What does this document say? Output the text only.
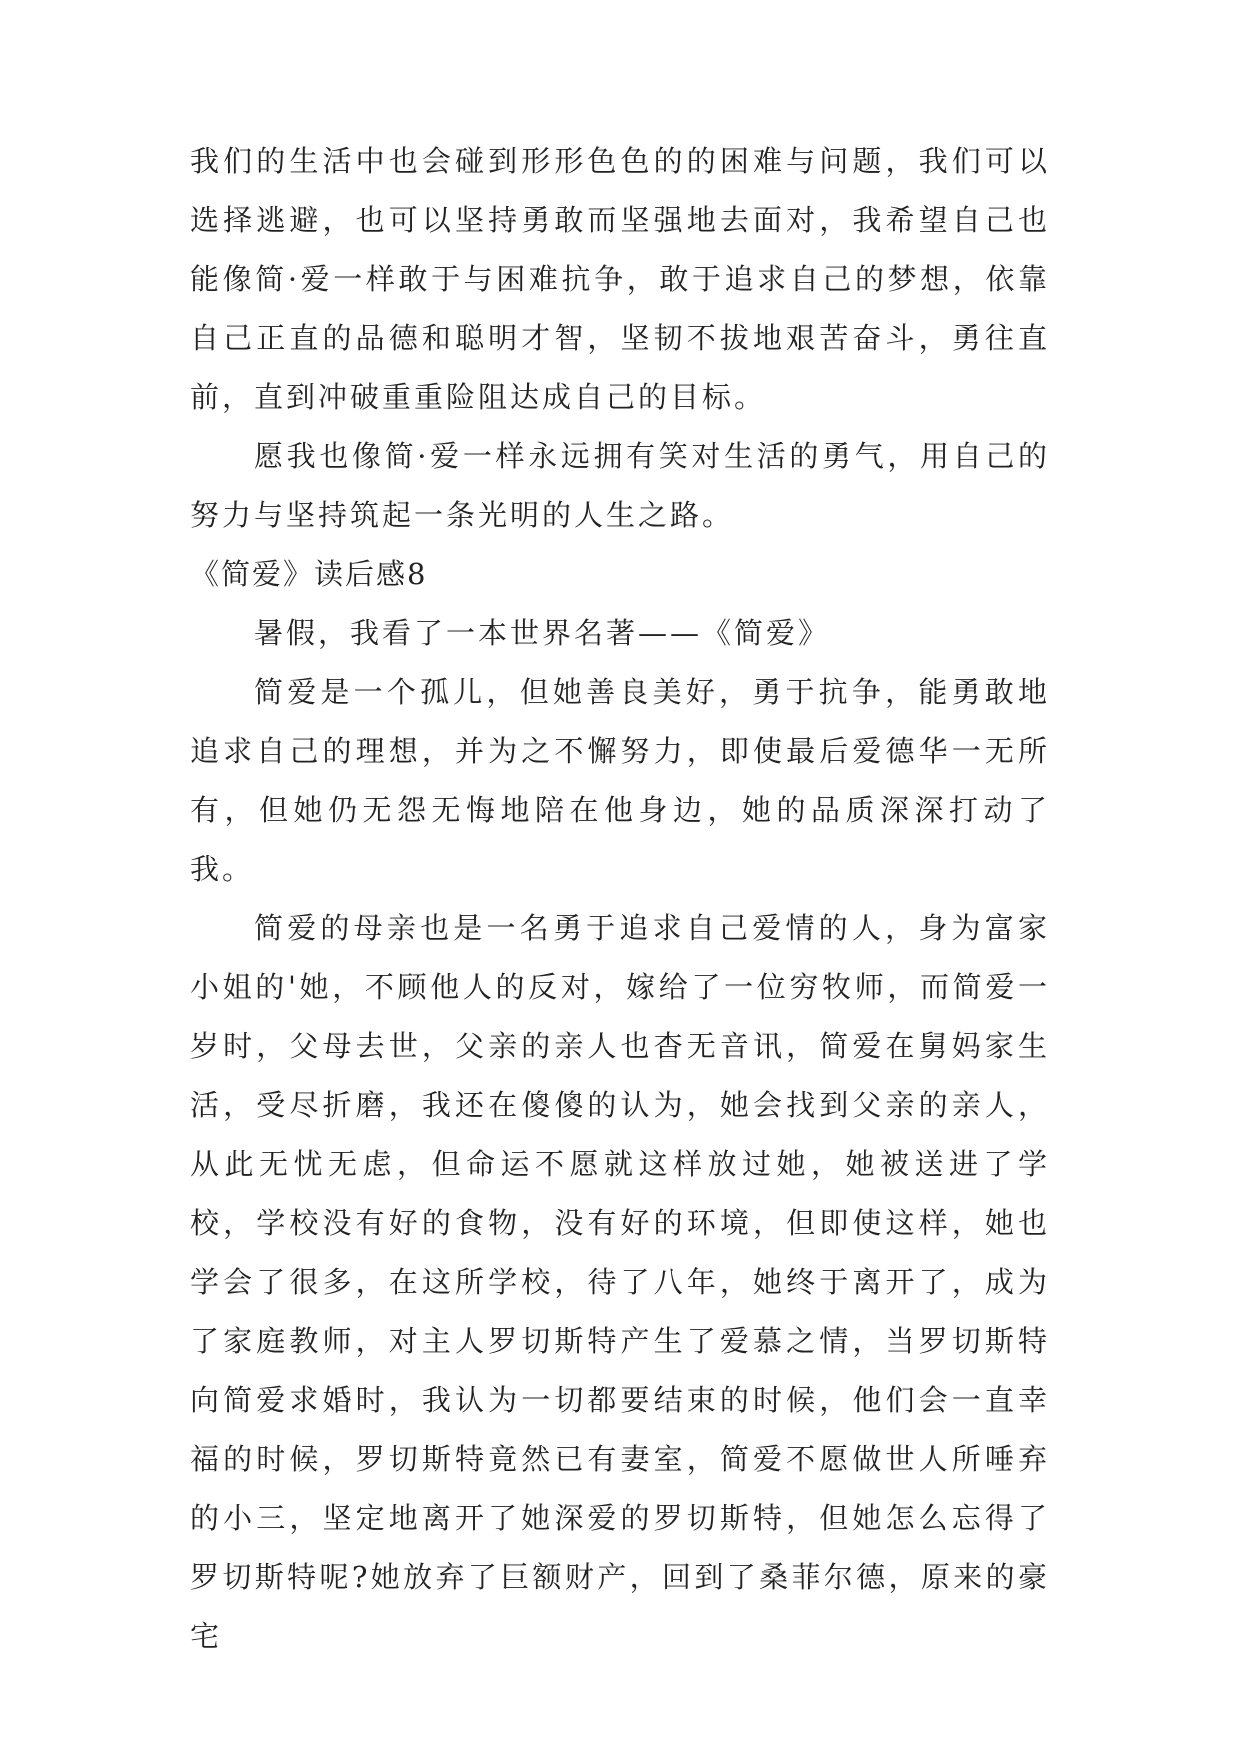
我们的生活中也会碰到形形色色的的困难与问题，我们可以选择逃避，也可以坚持勇敢而坚强地去面对，我希望自己也能像简·爱一样敢于与困难抗争，敢于追求自己的梦想，依靠自己正直的品德和聪明才智，坚韧不拔地艰苦奋斗，勇往直前，直到冲破重重险阻达成自己的目标。

愿我也像简·爱一样永远拥有笑对生活的勇气，用自己的努力与坚持筑起一条光明的人生之路。

《简爱》读后感8

暑假，我看了一本世界名著——《简爱》

简爱是一个孤儿，但她善良美好，勇于抗争，能勇敢地追求自己的理想，并为之不懈努力，即使最后爱德华一无所有，但她仍无怨无悔地陪在他身边，她的品质深深打动了我。

简爱的母亲也是一名勇于追求自己爱情的人，身为富家小姐的'她，不顾他人的反对，嫁给了一位穷牧师，而简爱一岁时，父母去世，父亲的亲人也杳无音讯，简爱在舅妈家生活，受尽折磨，我还在傻傻的认为，她会找到父亲的亲人，从此无忧无虑，但命运不愿就这样放过她，她被送进了学校，学校没有好的食物，没有好的环境，但即使这样，她也学会了很多，在这所学校，待了八年，她终于离开了，成为了家庭教师，对主人罗切斯特产生了爱慕之情，当罗切斯特向简爱求婚时，我认为一切都要结束的时候，他们会一直幸福的时候，罗切斯特竟然已有妻室，简爱不愿做世人所唾弃的小三，坚定地离开了她深爱的罗切斯特，但她怎么忘得了罗切斯特呢?她放弃了巨额财产，回到了桑菲尔德，原来的豪宅
